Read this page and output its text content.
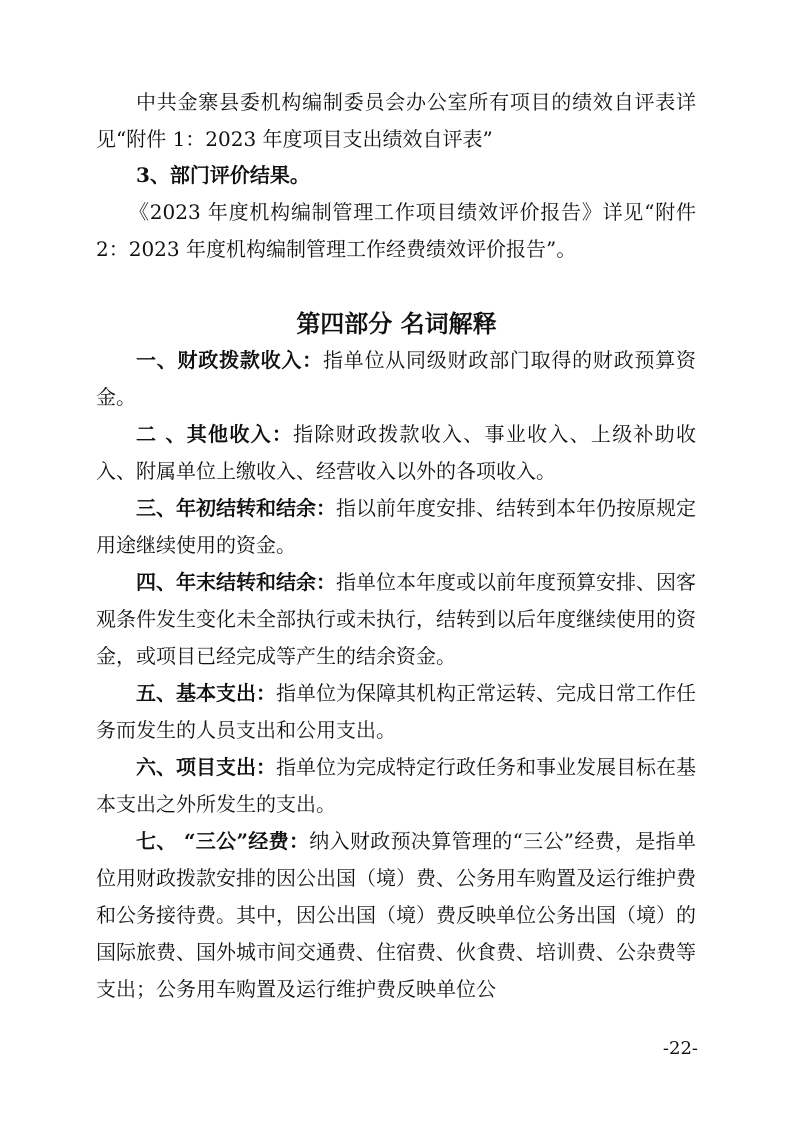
中共金寨县委机构编制委员会办公室所有项目的绩效自评表详见“附件 1：2023 年度项目支出绩效自评表”

3、部门评价结果。

《2023 年度机构编制管理工作项目绩效评价报告》详见“附件 2：2023 年度机构编制管理工作经费绩效评价报告”。

第四部分 名词解释

一、财政拨款收入：指单位从同级财政部门取得的财政预算资金。

二 、其他收入：指除财政拨款收入、事业收入、上级补助收入、附属单位上缴收入、经营收入以外的各项收入。

三、年初结转和结余：指以前年度安排、结转到本年仍按原规定用途继续使用的资金。

四、年末结转和结余：指单位本年度或以前年度预算安排、因客观条件发生变化未全部执行或未执行，结转到以后年度继续使用的资金，或项目已经完成等产生的结余资金。

五、基本支出：指单位为保障其机构正常运转、完成日常工作任务而发生的人员支出和公用支出。

六、项目支出：指单位为完成特定行政任务和事业发展目标在基本支出之外所发生的支出。

七、 “三公”经费：纳入财政预决算管理的“三公”经费，是指单位用财政拨款安排的因公出国（境）费、公务用车购置及运行维护费和公务接待费。其中，因公出国（境）费反映单位公务出国（境）的国际旅费、国外城市间交通费、住宿费、伙食费、培训费、公杂费等支出；公务用车购置及运行维护费反映单位公

-22-
